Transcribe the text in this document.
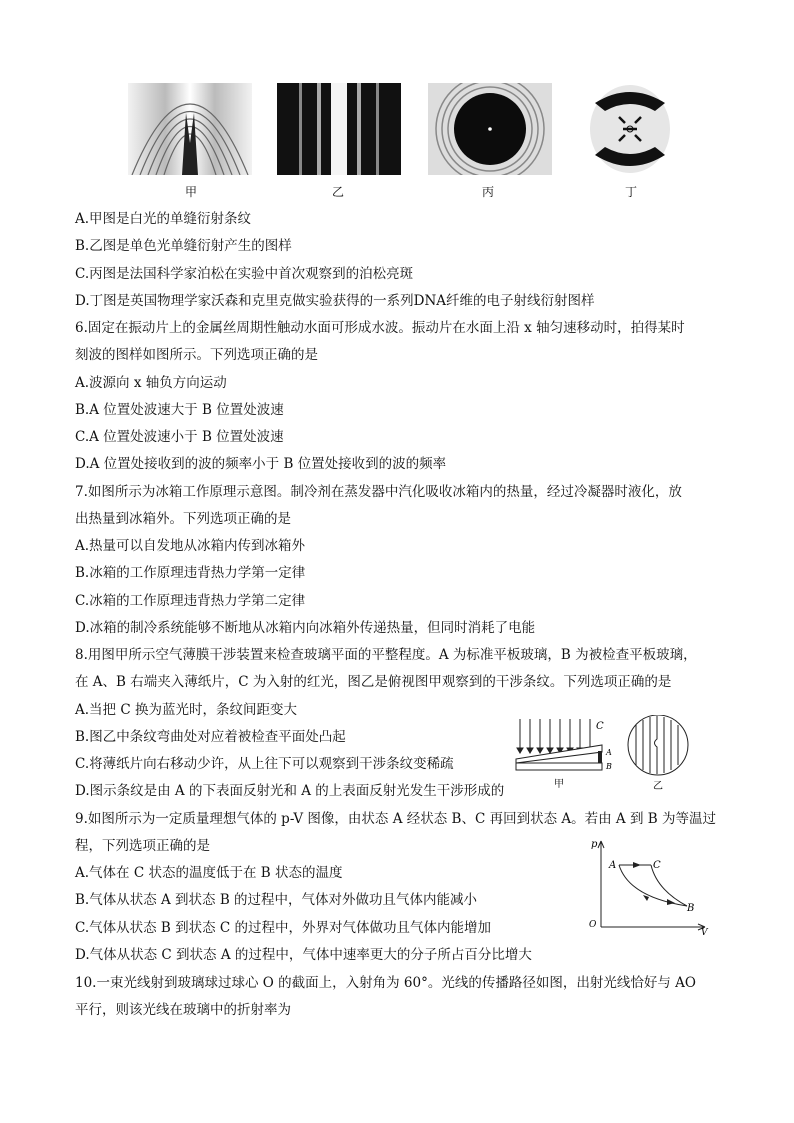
甲	乙	丙	丁
A.甲图是白光的单缝衍射条纹
B.乙图是单色光单缝衍射产生的图样
C.丙图是法国科学家泊松在实验中首次观察到的泊松亮斑
D.丁图是英国物理学家沃森和克里克做实验获得的一系列DNA纤维的电子射线衍射图样
6.固定在振动片上的金属丝周期性触动水面可形成水波。振动片在水面上沿 x 轴匀速移动时，拍得某时
刻波的图样如图所示。下列选项正确的是
A.波源向 x 轴负方向运动
B.A 位置处波速大于 B 位置处波速
C.A 位置处波速小于 B 位置处波速
D.A 位置处接收到的波的频率小于 B 位置处接收到的波的频率
7.如图所示为冰箱工作原理示意图。制冷剂在蒸发器中汽化吸收冰箱内的热量，经过冷凝器时液化，放
出热量到冰箱外。下列选项正确的是
A.热量可以自发地从冰箱内传到冰箱外
B.冰箱的工作原理违背热力学第一定律
C.冰箱的工作原理违背热力学第二定律
D.冰箱的制冷系统能够不断地从冰箱内向冰箱外传递热量，但同时消耗了电能
8.用图甲所示空气薄膜干涉装置来检查玻璃平面的平整程度。A 为标准平板玻璃，B 为被检查平板玻璃，
在 A、B 右端夹入薄纸片，C 为入射的红光，图乙是俯视图甲观察到的干涉条纹。下列选项正确的是
A.当把 C 换为蓝光时，条纹间距变大
B.图乙中条纹弯曲处对应着被检查平面处凸起
C.将薄纸片向右移动少许，从上往下可以观察到干涉条纹变稀疏
D.图示条纹是由 A 的下表面反射光和 A 的上表面反射光发生干涉形成的
C
A
B
甲	乙
9.如图所示为一定质量理想气体的 p-V 图像，由状态 A 经状态 B、C 再回到状态 A。若由 A 到 B 为等温过
程，下列选项正确的是
A.气体在 C 状态的温度低于在 B 状态的温度
B.气体从状态 A 到状态 B 的过程中，气体对外做功且气体内能减小
C.气体从状态 B 到状态 C 的过程中，外界对气体做功且气体内能增加
D.气体从状态 C 到状态 A 的过程中，气体中速率更大的分子所占百分比增大
p
V
O
A	C
B
10.一束光线射到玻璃球过球心 O 的截面上，入射角为 60°。光线的传播路径如图，出射光线恰好与 AO
平行，则该光线在玻璃中的折射率为
